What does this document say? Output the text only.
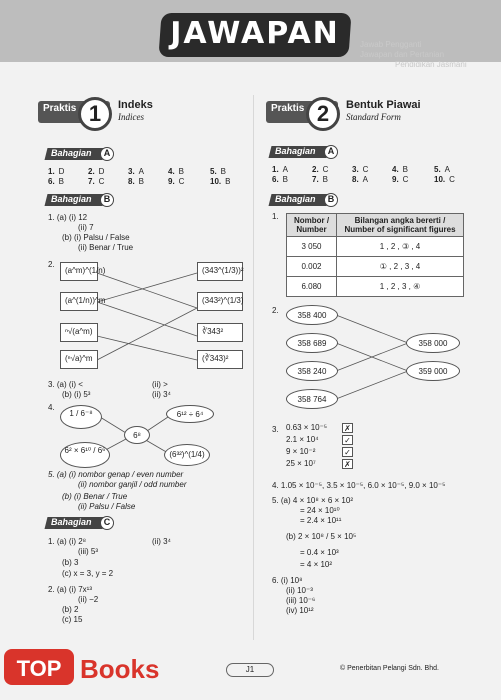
JAWAPAN	Jawab Pengganti
Jawapan dan Pertanian
Pendidikan Jasmani
Praktis 1	Indeks
Indices
Bahagian	A
1. D	2. D	3. A	4. B	5. B
6. B	7. C	8. B	9. C	10. B
Bahagian	B
1. (a) (i) 12
(ii) 7
(b) (i) Palsu / False
(ii) Benar / True
2.
(a^m)^(1/n)
(a^(1/n))^m
ⁿ√(a^m)
(ⁿ√a)^m
(343^(1/3))²
(343²)^(1/3)
∛343²
(∛343)²
3. (a) (i) <	(ii) >
(b) (i) 5³	(ii) 3⁴
4.
1 / 6⁻⁸	6¹² ÷ 6⁴
6⁸
6² × 6¹⁰ / 6⁶	(6³²)^(1/4)
5. (a) (i) nombor genap / even number
(ii) nombor ganjil / odd number
(b) (i) Benar / True
(ii) Palsu / False
Bahagian	C
1. (a) (i) 2⁸	(ii) 3⁴
(iii) 5³
(b) 3
(c) x = 3, y = 2
2. (a) (i) 7x¹³
(ii) −2
(b) 2
(c) 15
Praktis 2	Bentuk Piawai
Standard Form
Bahagian	A
1. A	2. C	3. C	4. B	5. A
6. B	7. B	8. A	9. C	10. C
Bahagian	B
1. Nombor / Number	Bilangan angka bererti / Number of significant figures
3 050	1 , 2 , ③ , 4
0.002	① , 2 , 3 , 4
6.080	1 , 2 , 3 , ④
2.
358 400
358 689
358 240
358 764
358 000
359 000
3. 0.63 × 10⁻⁵ ✗
2.1 × 10⁴	✓
9 × 10⁻²	✓
25 × 10⁷	✗
4. 1.05 × 10⁻⁵, 3.5 × 10⁻⁵, 6.0 × 10⁻⁵, 9.0 × 10⁻⁵
5. (a) 4 × 10⁸ × 6 × 10²
= 24 × 10¹⁰
= 2.4 × 10¹¹
(b) 2 × 10⁸ / 5 × 10⁵
= 0.4 × 10³
= 4 × 10²
6. (i) 10⁸
(ii) 10⁻³
(iii) 10⁻⁶
(iv) 10¹²
J1	© Penerbitan Pelangi Sdn. Bhd.
TOP Books
